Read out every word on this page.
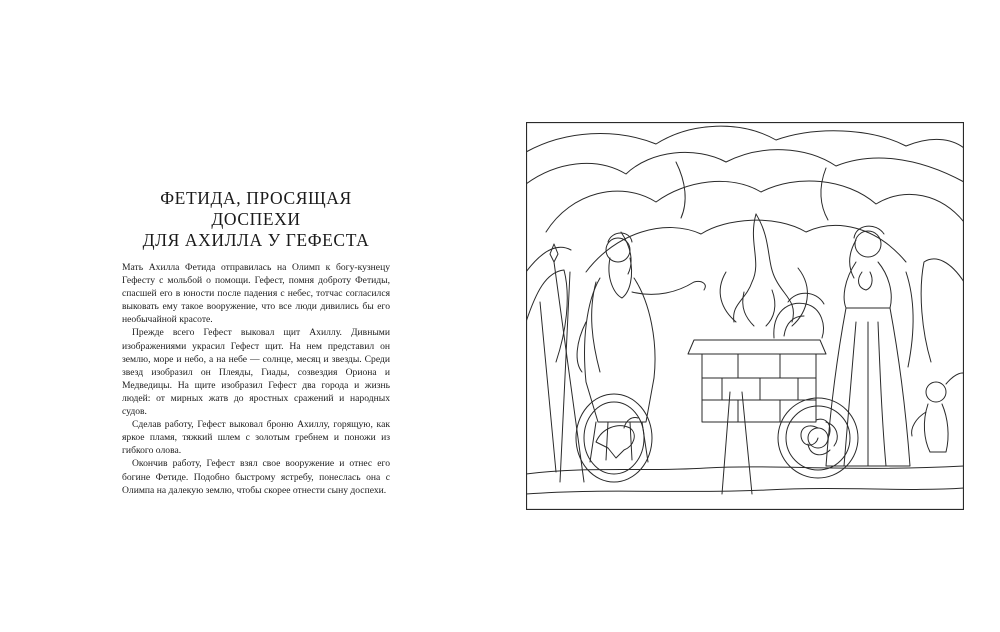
ФЕТИДА, ПРОСЯЩАЯ ДОСПЕХИ
ДЛЯ АХИЛЛА У ГЕФЕСТА

Мать Ахилла Фетида отправилась на Олимп к богу-кузнецу Гефесту с мольбой о помощи. Гефест, помня доброту Фетиды, спасшей его в юности после падения с небес, тотчас согласился выковать ему такое вооружение, что все люди дивились бы его необычайной красоте.

Прежде всего Гефест выковал щит Ахиллу. Дивными изображениями украсил Гефест щит. На нем представил он землю, море и небо, а на небе — солнце, месяц и звезды. Среди звезд изобразил он Плеяды, Гиады, созвездия Ориона и Медведицы. На щите изобразил Гефест два города и жизнь людей: от мирных жатв до яростных сражений и народных судов.

Сделав работу, Гефест выковал броню Ахиллу, горящую, как яркое пламя, тяжкий шлем с золотым гребнем и поножи из гибкого олова.

Окончив работу, Гефест взял свое вооружение и отнес его богине Фетиде. Подобно быстрому ястребу, понеслась она с Олимпа на далекую землю, чтобы скорее отнести сыну доспехи.
